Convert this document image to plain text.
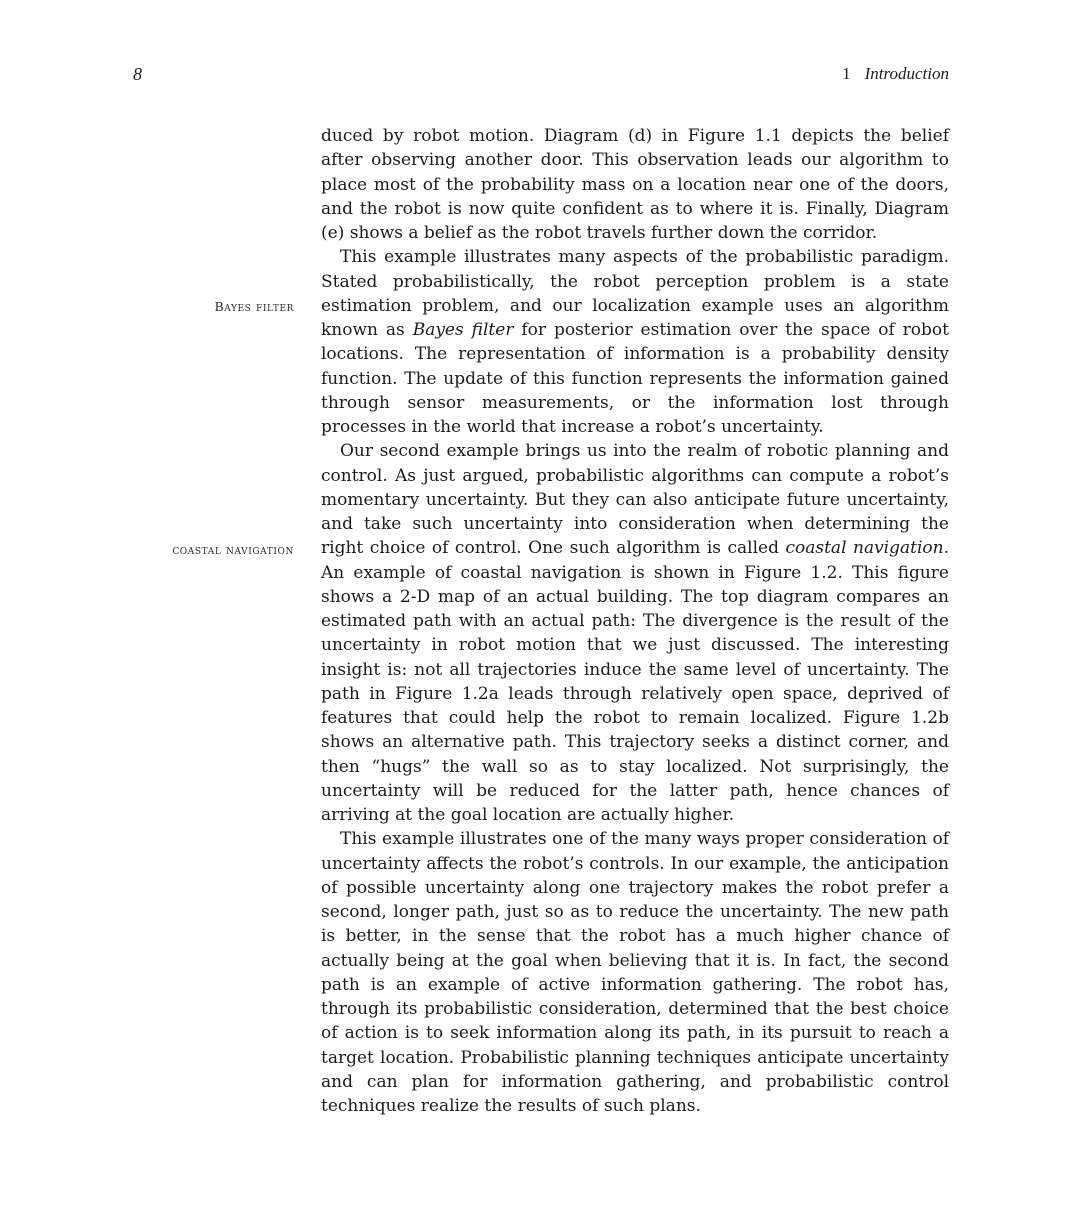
8	1 Introduction
Bayes filter
coastal navigation

duced by robot motion. Diagram (d) in Figure 1.1 depicts the belief after observing another door. This observation leads our algorithm to place most of the probability mass on a location near one of the doors, and the robot is now quite confident as to where it is. Finally, Diagram (e) shows a belief as the robot travels further down the corridor.

This example illustrates many aspects of the probabilistic paradigm. Stated probabilistically, the robot perception problem is a state estimation problem, and our localization example uses an algorithm known as Bayes filter for posterior estimation over the space of robot locations. The representation of information is a probability density function. The update of this function represents the information gained through sensor measurements, or the information lost through processes in the world that increase a robot’s uncertainty.

Our second example brings us into the realm of robotic planning and control. As just argued, probabilistic algorithms can compute a robot’s momentary uncertainty. But they can also anticipate future uncertainty, and take such uncertainty into consideration when determining the right choice of control. One such algorithm is called coastal navigation. An example of coastal navigation is shown in Figure 1.2. This figure shows a 2-D map of an actual building. The top diagram compares an estimated path with an actual path: The divergence is the result of the uncertainty in robot motion that we just discussed. The interesting insight is: not all trajectories induce the same level of uncertainty. The path in Figure 1.2a leads through relatively open space, deprived of features that could help the robot to remain localized. Figure 1.2b shows an alternative path. This trajectory seeks a distinct corner, and then “hugs” the wall so as to stay localized. Not surprisingly, the uncertainty will be reduced for the latter path, hence chances of arriving at the goal location are actually higher.

This example illustrates one of the many ways proper consideration of uncertainty affects the robot’s controls. In our example, the anticipation of possible uncertainty along one trajectory makes the robot prefer a second, longer path, just so as to reduce the uncertainty. The new path is better, in the sense that the robot has a much higher chance of actually being at the goal when believing that it is. In fact, the second path is an example of active information gathering. The robot has, through its probabilistic consideration, determined that the best choice of action is to seek information along its path, in its pursuit to reach a target location. Probabilistic planning techniques anticipate uncertainty and can plan for information gathering, and probabilistic control techniques realize the results of such plans.
